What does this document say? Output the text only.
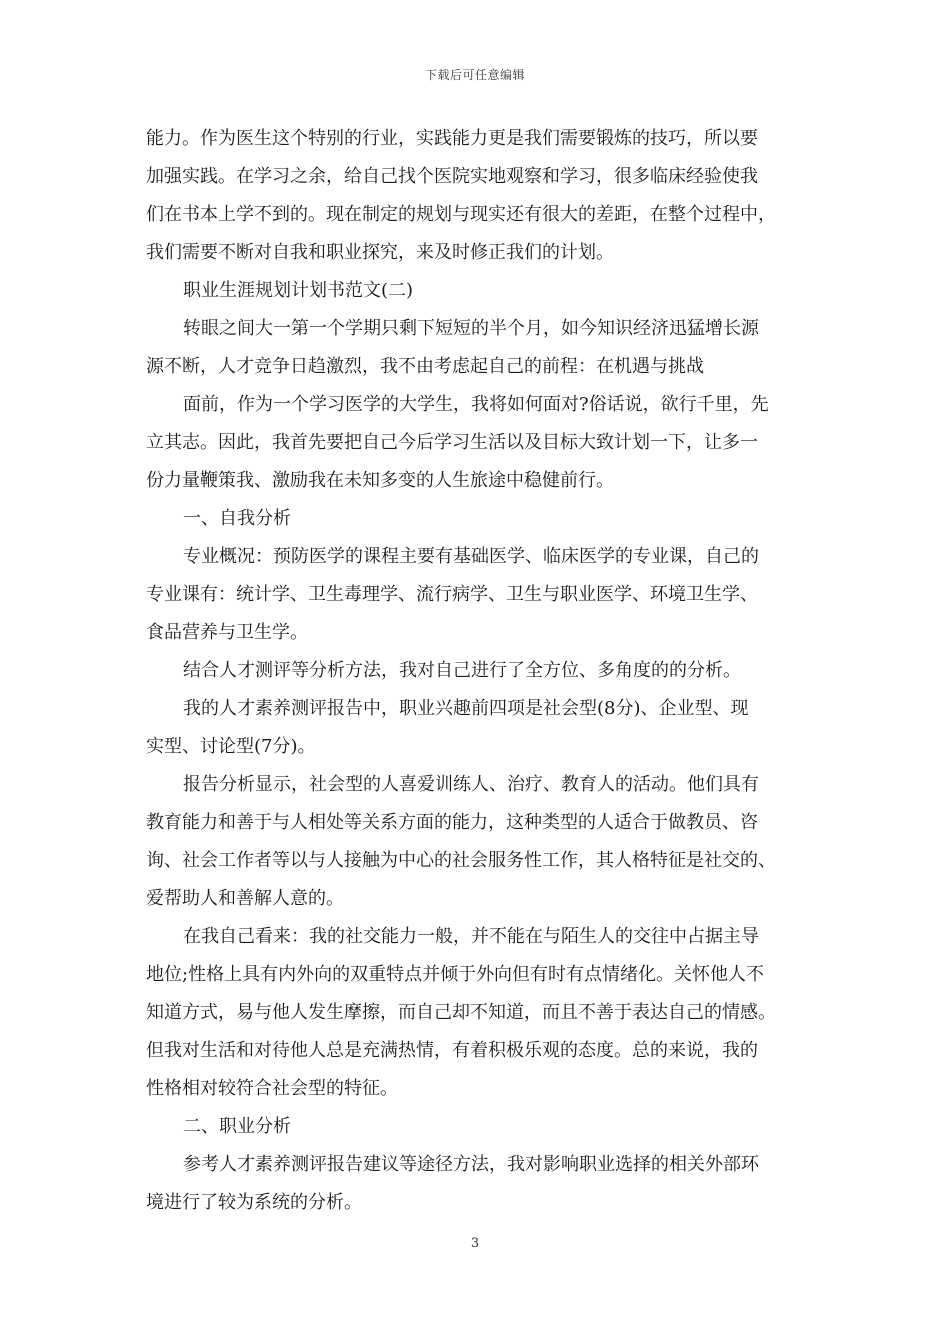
下载后可任意编辑

能力。作为医生这个特别的行业，实践能力更是我们需要锻炼的技巧，所以要

加强实践。在学习之余，给自己找个医院实地观察和学习，很多临床经验使我

们在书本上学不到的。现在制定的规划与现实还有很大的差距，在整个过程中，

我们需要不断对自我和职业探究，来及时修正我们的计划。

职业生涯规划计划书范文(二)

转眼之间大一第一个学期只剩下短短的半个月，如今知识经济迅猛增长源

源不断，人才竞争日趋激烈，我不由考虑起自己的前程：在机遇与挑战

面前，作为一个学习医学的大学生，我将如何面对?俗话说，欲行千里，先

立其志。因此，我首先要把自己今后学习生活以及目标大致计划一下，让多一

份力量鞭策我、激励我在未知多变的人生旅途中稳健前行。

一、自我分析

专业概况：预防医学的课程主要有基础医学、临床医学的专业课，自己的

专业课有：统计学、卫生毒理学、流行病学、卫生与职业医学、环境卫生学、

食品营养与卫生学。

结合人才测评等分析方法，我对自己进行了全方位、多角度的的分析。

我的人才素养测评报告中，职业兴趣前四项是社会型(8分)、企业型、现

实型、讨论型(7分)。

报告分析显示，社会型的人喜爱训练人、治疗、教育人的活动。他们具有

教育能力和善于与人相处等关系方面的能力，这种类型的人适合于做教员、咨

询、社会工作者等以与人接触为中心的社会服务性工作，其人格特征是社交的、

爱帮助人和善解人意的。

在我自己看来：我的社交能力一般，并不能在与陌生人的交往中占据主导

地位;性格上具有内外向的双重特点并倾于外向但有时有点情绪化。关怀他人不

知道方式，易与他人发生摩擦，而自己却不知道，而且不善于表达自己的情感。

但我对生活和对待他人总是充满热情，有着积极乐观的态度。总的来说，我的

性格相对较符合社会型的特征。

二、职业分析

参考人才素养测评报告建议等途径方法，我对影响职业选择的相关外部环

境进行了较为系统的分析。

3
